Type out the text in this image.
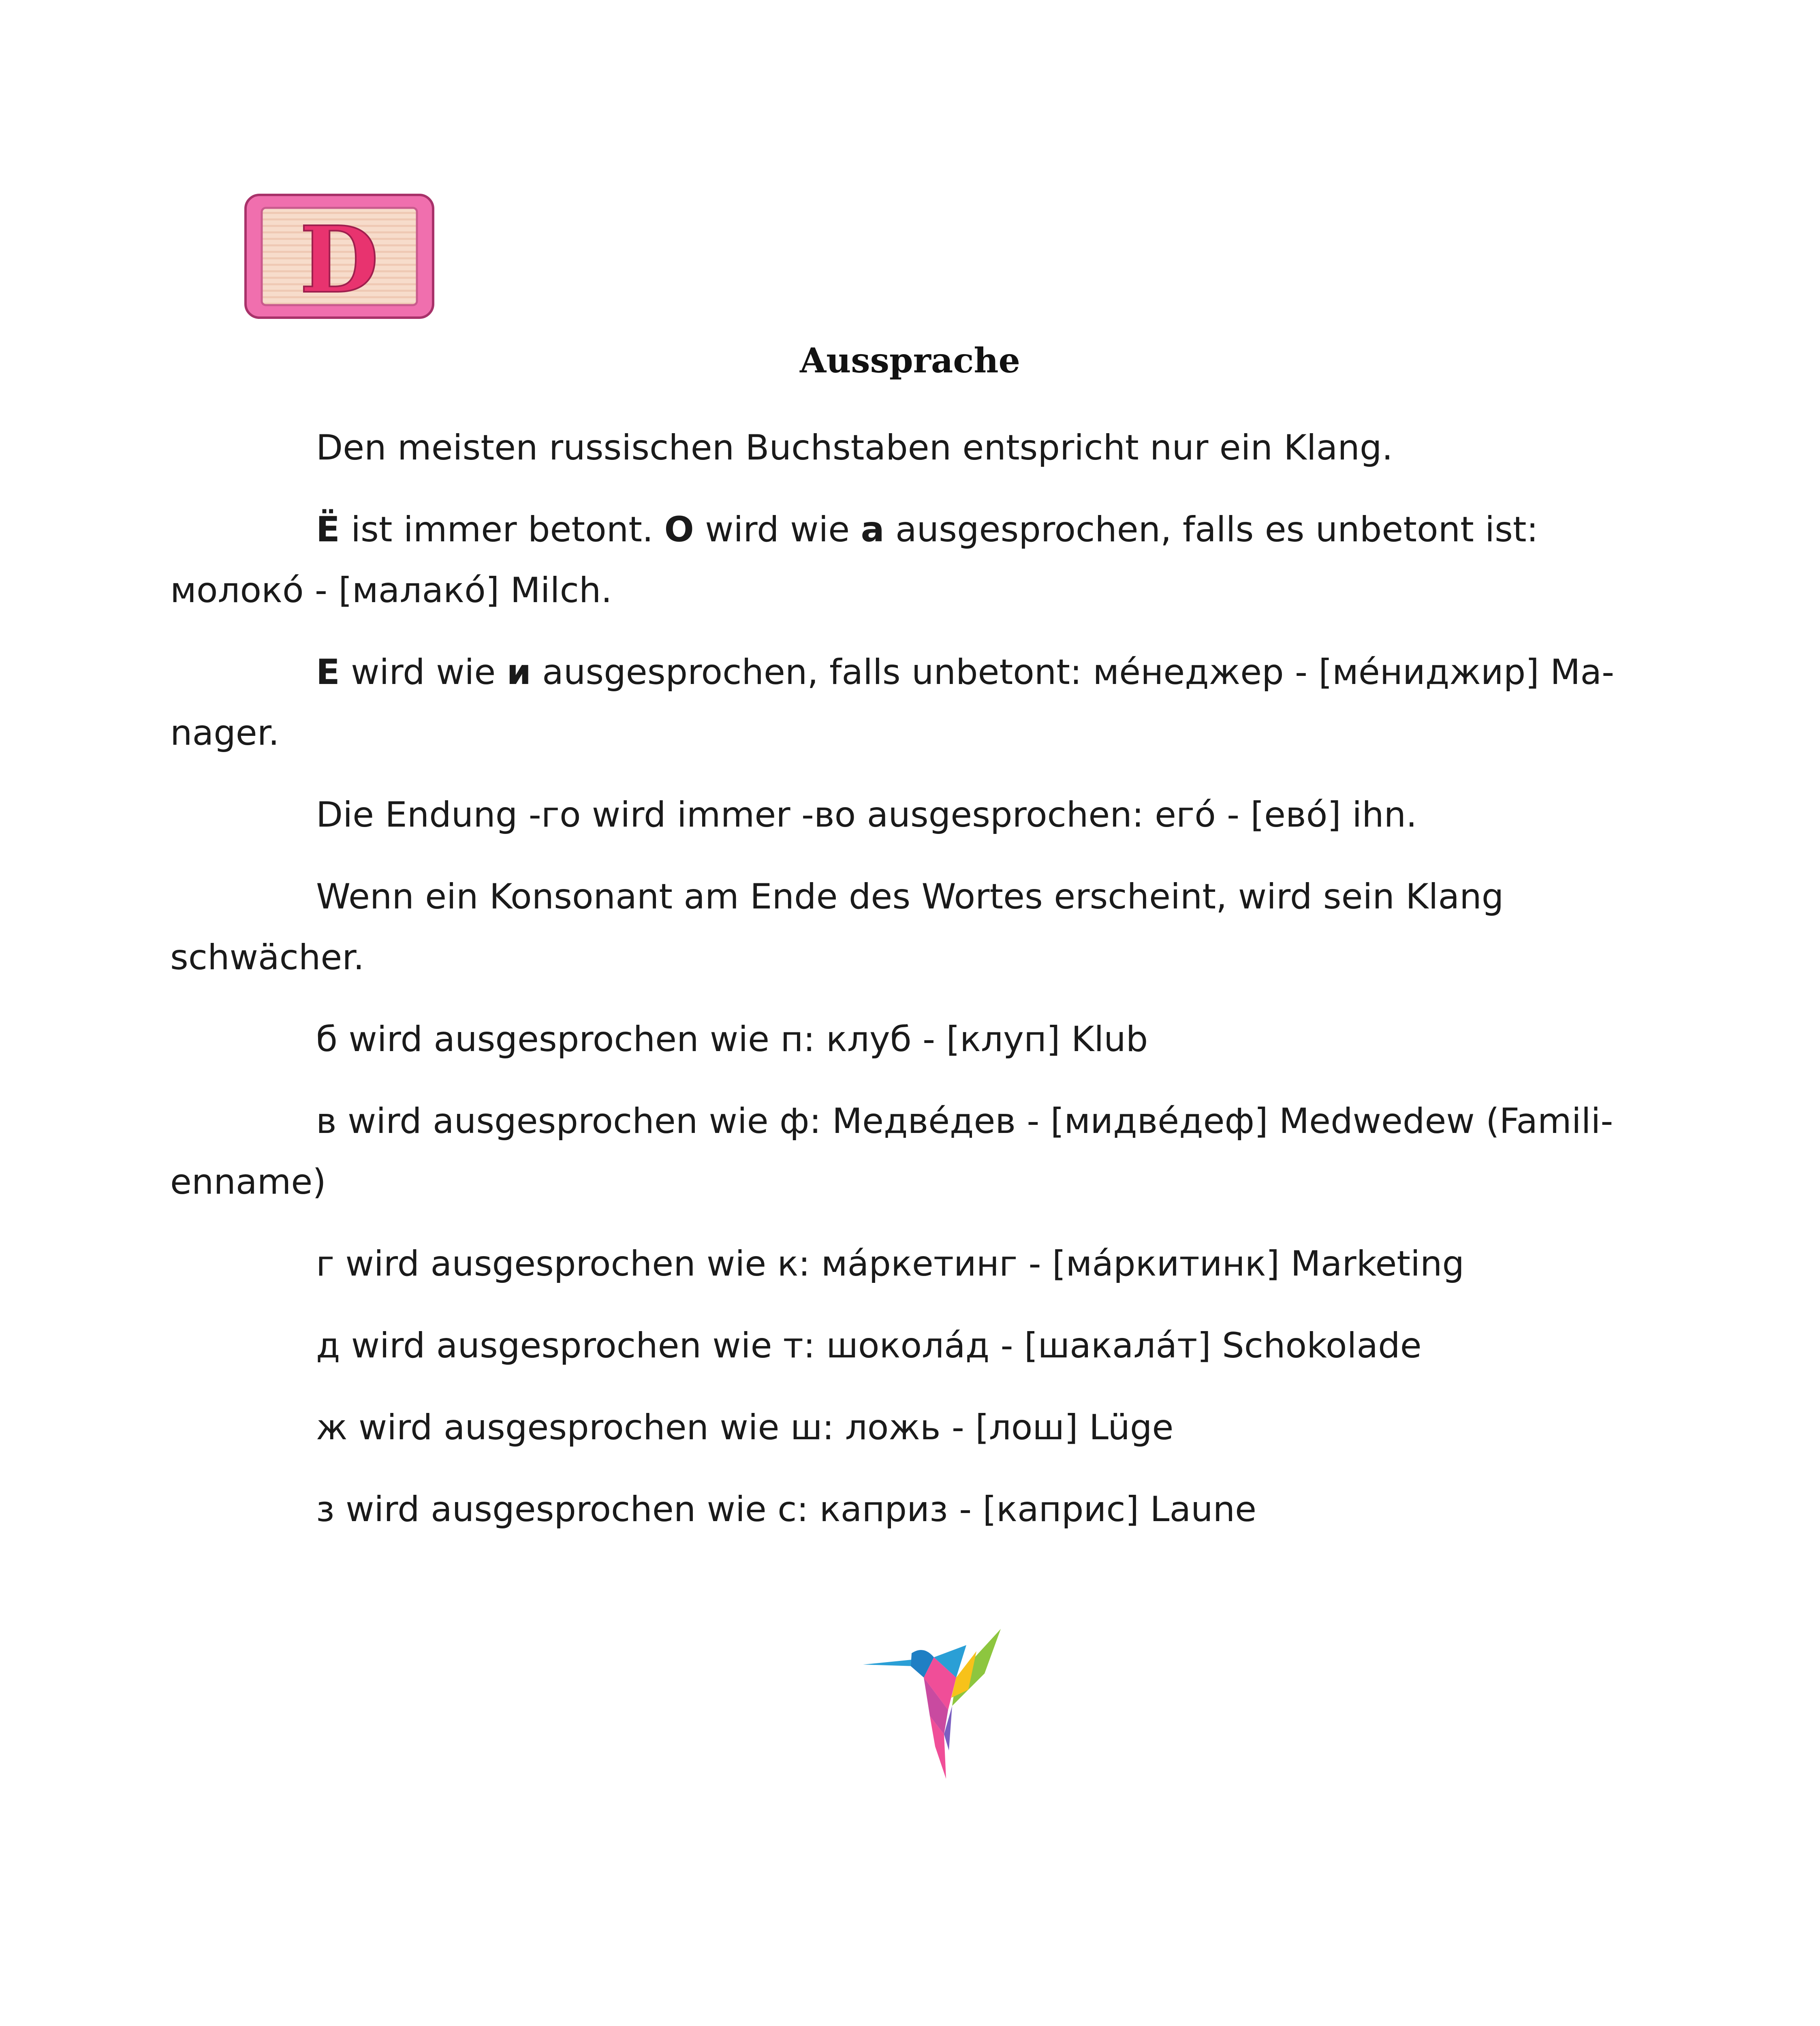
D
Aussprache

Den meisten russischen Buchstaben entspricht nur ein Klang.

Ё ist immer betont. О wird wie а ausgesprochen, falls es unbetont ist:
молокó - [малакó] Milch.

Е wird wie и ausgesprochen, falls unbetont: мéнеджер - [мéниджир] Ma-
nager.

Die Endung -го wird immer -во ausgesprochen: егó - [евó] ihn.

Wenn ein Konsonant am Ende des Wortes erscheint, wird sein Klang
schwächer.

б wird ausgesprochen wie п: клуб - [клуп] Klub

в wird ausgesprochen wie ф: Медвéдев - [мидвéдеф] Medwedew (Famili-
enname)

г wird ausgesprochen wie к: мáркетинг - [мáркитинк] Marketing

д wird ausgesprochen wie т: шоколáд - [шакалáт] Schokolade

ж wird ausgesprochen wie ш: ложь - [лош] Lüge

з wird ausgesprochen wie с: каприз - [каприс] Laune
